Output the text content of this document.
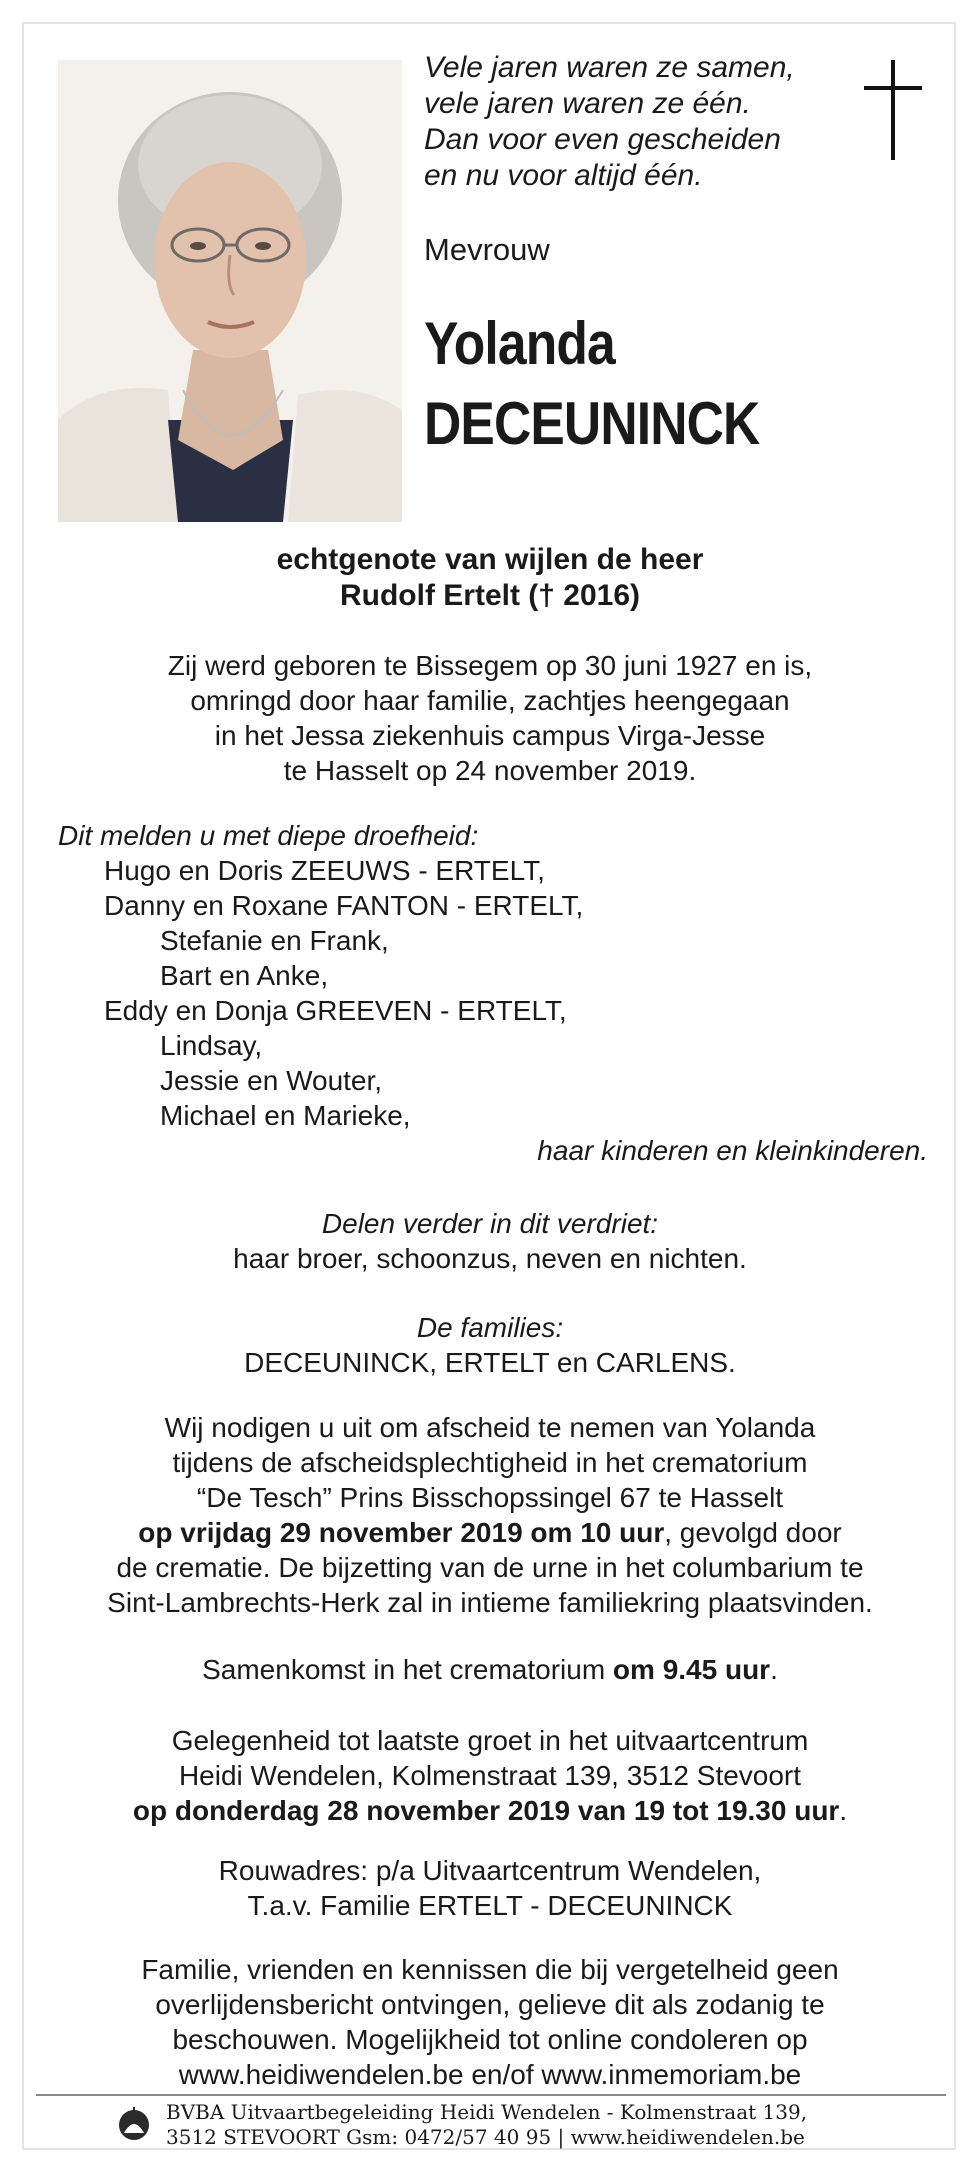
Vele jaren waren ze samen,
vele jaren waren ze één.
Dan voor even gescheiden
en nu voor altijd één.
Mevrouw
Yolanda
DECEUNINCK
echtgenote van wijlen de heer
Rudolf Ertelt († 2016)
Zij werd geboren te Bissegem op 30 juni 1927 en is,
omringd door haar familie, zachtjes heengegaan
in het Jessa ziekenhuis campus Virga-Jesse
te Hasselt op 24 november 2019.
Dit melden u met diepe droefheid:
Hugo en Doris ZEEUWS - ERTELT,
Danny en Roxane FANTON - ERTELT,
Stefanie en Frank,
Bart en Anke,
Eddy en Donja GREEVEN - ERTELT,
Lindsay,
Jessie en Wouter,
Michael en Marieke,
haar kinderen en kleinkinderen.
Delen verder in dit verdriet:
haar broer, schoonzus, neven en nichten.
De families:
DECEUNINCK, ERTELT en CARLENS.
Wij nodigen u uit om afscheid te nemen van Yolanda
tijdens de afscheidsplechtigheid in het crematorium
“De Tesch” Prins Bisschopssingel 67 te Hasselt
op vrijdag 29 november 2019 om 10 uur, gevolgd door
de crematie. De bijzetting van de urne in het columbarium te
Sint-Lambrechts-Herk zal in intieme familiekring plaatsvinden.
Samenkomst in het crematorium om 9.45 uur.
Gelegenheid tot laatste groet in het uitvaartcentrum
Heidi Wendelen, Kolmenstraat 139, 3512 Stevoort
op donderdag 28 november 2019 van 19 tot 19.30 uur.
Rouwadres: p/a Uitvaartcentrum Wendelen,
T.a.v. Familie ERTELT - DECEUNINCK
Familie, vrienden en kennissen die bij vergetelheid geen
overlijdensbericht ontvingen, gelieve dit als zodanig te
beschouwen. Mogelijkheid tot online condoleren op
www.heidiwendelen.be en/of www.inmemoriam.be
BVBA Uitvaartbegeleiding Heidi Wendelen - Kolmenstraat 139,
3512 STEVOORT Gsm: 0472/57 40 95 | www.heidiwendelen.be
